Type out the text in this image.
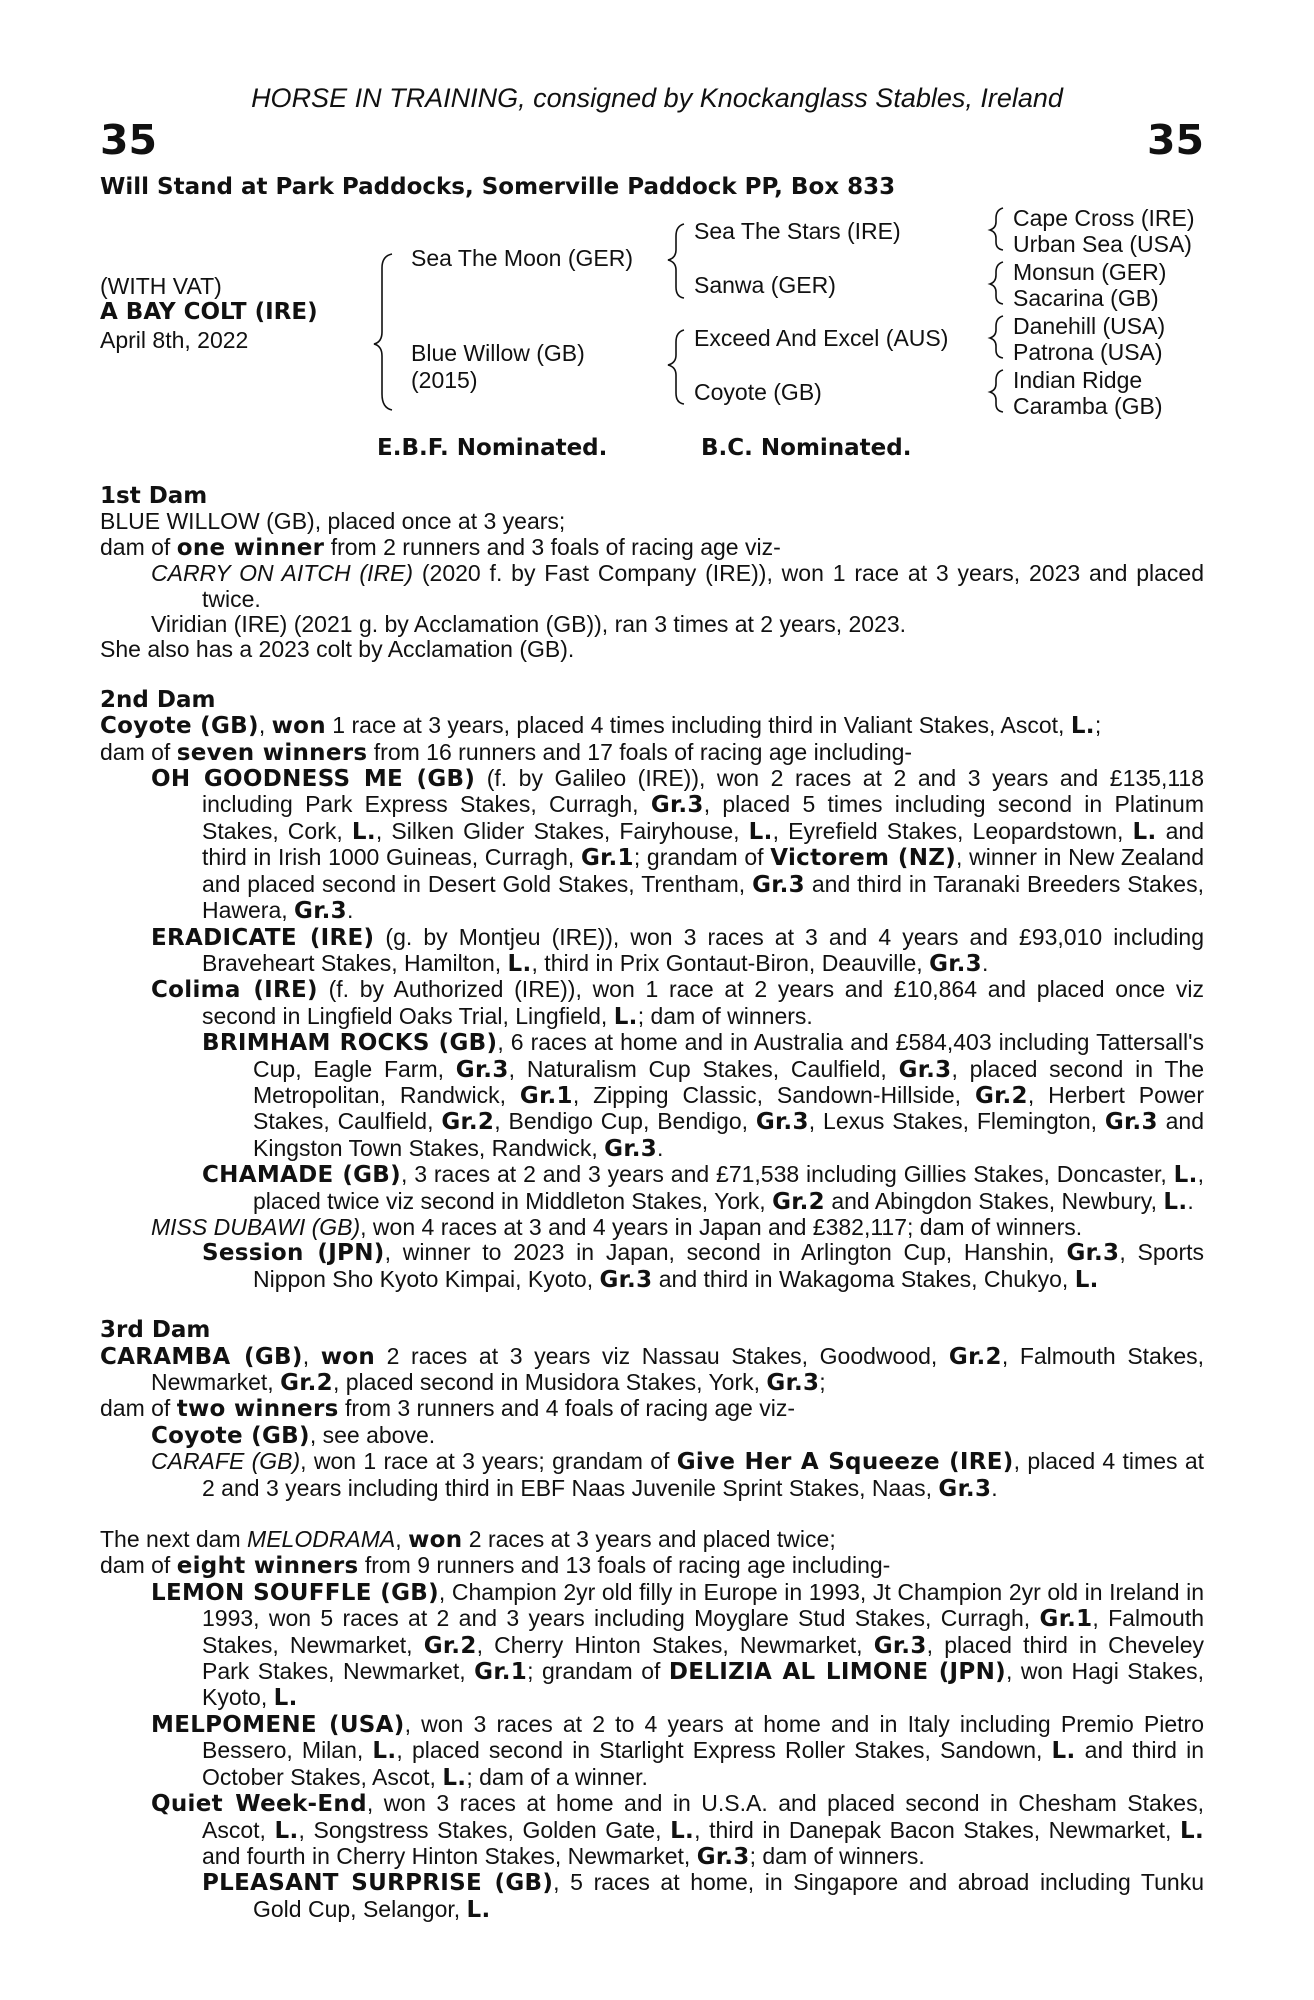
HORSE IN TRAINING, consigned by Knockanglass Stables, Ireland
35	35
Will Stand at Park Paddocks, Somerville Paddock PP, Box 833
(WITH VAT)
A BAY COLT (IRE)
April 8th, 2022
Sea The Moon (GER)
Blue Willow (GB)
(2015)
Sea The Stars (IRE)
Sanwa (GER)
Exceed And Excel (AUS)
Coyote (GB)
Cape Cross (IRE)
Urban Sea (USA)
Monsun (GER)
Sacarina (GB)
Danehill (USA)
Patrona (USA)
Indian Ridge
Caramba (GB)
E.B.F. Nominated.	B.C. Nominated.
1st Dam
BLUE WILLOW (GB), placed once at 3 years;
dam of one winner from 2 runners and 3 foals of racing age viz-
CARRY ON AITCH (IRE) (2020 f. by Fast Company (IRE)), won 1 race at 3 years, 2023 and placed twice.
Viridian (IRE) (2021 g. by Acclamation (GB)), ran 3 times at 2 years, 2023.
She also has a 2023 colt by Acclamation (GB).
2nd Dam
Coyote (GB), won 1 race at 3 years, placed 4 times including third in Valiant Stakes, Ascot, L.;
dam of seven winners from 16 runners and 17 foals of racing age including-
OH GOODNESS ME (GB) (f. by Galileo (IRE)), won 2 races at 2 and 3 years and £135,118 including Park Express Stakes, Curragh, Gr.3, placed 5 times including second in Platinum Stakes, Cork, L., Silken Glider Stakes, Fairyhouse, L., Eyrefield Stakes, Leopardstown, L. and third in Irish 1000 Guineas, Curragh, Gr.1; grandam of Victorem (NZ), winner in New Zealand and placed second in Desert Gold Stakes, Trentham, Gr.3 and third in Taranaki Breeders Stakes, Hawera, Gr.3.
ERADICATE (IRE) (g. by Montjeu (IRE)), won 3 races at 3 and 4 years and £93,010 including Braveheart Stakes, Hamilton, L., third in Prix Gontaut-Biron, Deauville, Gr.3.
Colima (IRE) (f. by Authorized (IRE)), won 1 race at 2 years and £10,864 and placed once viz second in Lingfield Oaks Trial, Lingfield, L.; dam of winners.
BRIMHAM ROCKS (GB), 6 races at home and in Australia and £584,403 including Tattersall's Cup, Eagle Farm, Gr.3, Naturalism Cup Stakes, Caulfield, Gr.3, placed second in The Metropolitan, Randwick, Gr.1, Zipping Classic, Sandown-Hillside, Gr.2, Herbert Power Stakes, Caulfield, Gr.2, Bendigo Cup, Bendigo, Gr.3, Lexus Stakes, Flemington, Gr.3 and Kingston Town Stakes, Randwick, Gr.3.
CHAMADE (GB), 3 races at 2 and 3 years and £71,538 including Gillies Stakes, Doncaster, L., placed twice viz second in Middleton Stakes, York, Gr.2 and Abingdon Stakes, Newbury, L..
MISS DUBAWI (GB), won 4 races at 3 and 4 years in Japan and £382,117; dam of winners.
Session (JPN), winner to 2023 in Japan, second in Arlington Cup, Hanshin, Gr.3, Sports Nippon Sho Kyoto Kimpai, Kyoto, Gr.3 and third in Wakagoma Stakes, Chukyo, L.
3rd Dam
CARAMBA (GB), won 2 races at 3 years viz Nassau Stakes, Goodwood, Gr.2, Falmouth Stakes, Newmarket, Gr.2, placed second in Musidora Stakes, York, Gr.3;
dam of two winners from 3 runners and 4 foals of racing age viz-
Coyote (GB), see above.
CARAFE (GB), won 1 race at 3 years; grandam of Give Her A Squeeze (IRE), placed 4 times at 2 and 3 years including third in EBF Naas Juvenile Sprint Stakes, Naas, Gr.3.
The next dam MELODRAMA, won 2 races at 3 years and placed twice;
dam of eight winners from 9 runners and 13 foals of racing age including-
LEMON SOUFFLE (GB), Champion 2yr old filly in Europe in 1993, Jt Champion 2yr old in Ireland in 1993, won 5 races at 2 and 3 years including Moyglare Stud Stakes, Curragh, Gr.1, Falmouth Stakes, Newmarket, Gr.2, Cherry Hinton Stakes, Newmarket, Gr.3, placed third in Cheveley Park Stakes, Newmarket, Gr.1; grandam of DELIZIA AL LIMONE (JPN), won Hagi Stakes, Kyoto, L.
MELPOMENE (USA), won 3 races at 2 to 4 years at home and in Italy including Premio Pietro Bessero, Milan, L., placed second in Starlight Express Roller Stakes, Sandown, L. and third in October Stakes, Ascot, L.; dam of a winner.
Quiet Week-End, won 3 races at home and in U.S.A. and placed second in Chesham Stakes, Ascot, L., Songstress Stakes, Golden Gate, L., third in Danepak Bacon Stakes, Newmarket, L. and fourth in Cherry Hinton Stakes, Newmarket, Gr.3; dam of winners.
PLEASANT SURPRISE (GB), 5 races at home, in Singapore and abroad including Tunku Gold Cup, Selangor, L.
